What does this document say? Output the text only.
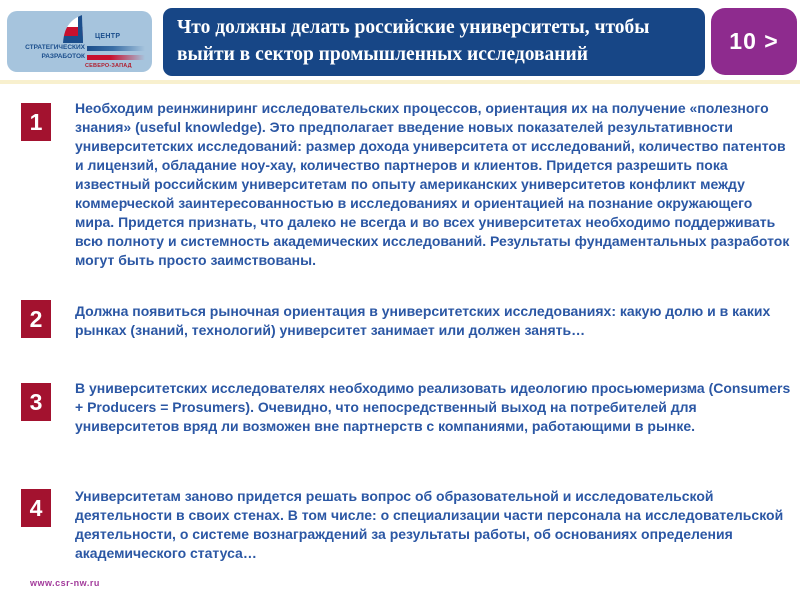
ЦЕНТР
СТРАТЕГИЧЕСКИХ
РАЗРАБОТОК
СЕВЕРО-ЗАПАД
Что должны делать российские университеты, чтобы выйти в сектор промышленных исследований
10 >
1
Необходим реинжиниринг исследовательских процессов, ориентация их на получение «полезного знания» (useful knowledge). Это предполагает введение новых показателей результативности университетских исследований: размер дохода университета от исследований, количество патентов и лицензий, обладание ноу-хау, количество партнеров и клиентов. Придется разрешить пока известный российским университетам по опыту американских университетов конфликт между коммерческой заинтересованностью в исследованиях и ориентацией на познание окружающего мира. Придется признать, что далеко не всегда и во всех университетах необходимо поддерживать всю полноту и системность академических исследований. Результаты фундаментальных разработок могут быть просто заимствованы.
2	Должна появиться рыночная ориентация в университетских исследованиях: какую долю и в каких рынках (знаний, технологий) университет занимает или должен занять…
3
В университетских исследователях необходимо реализовать идеологию просьюмеризма (Consumers + Producers = Prosumers). Очевидно, что непосредственный выход на потребителей для университетов вряд ли возможен вне партнерств с компаниями, работающими в рынке.
4	Университетам заново придется решать вопрос об образовательной и исследовательской деятельности в своих стенах. В том числе: о специализации части персонала на исследовательской деятельности, о системе вознаграждений за результаты работы, об основаниях определения академического статуса…
www.csr-nw.ru
